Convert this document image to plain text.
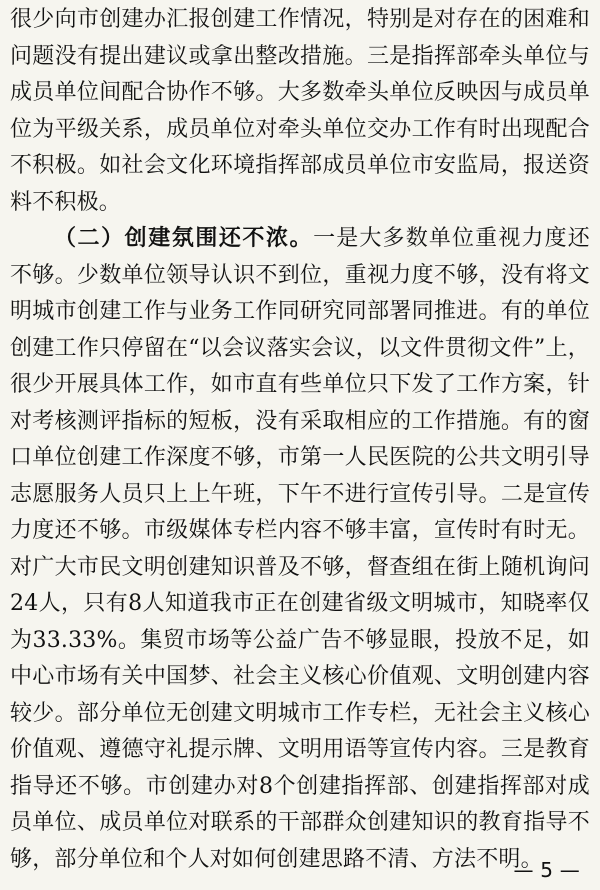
很少向市创建办汇报创建工作情况，特别是对存在的困难和问题没有提出建议或拿出整改措施。三是指挥部牵头单位与成员单位间配合协作不够。大多数牵头单位反映因与成员单位为平级关系，成员单位对牵头单位交办工作有时出现配合不积极。如社会文化环境指挥部成员单位市安监局，报送资料不积极。

（二）创建氛围还不浓。一是大多数单位重视力度还不够。少数单位领导认识不到位，重视力度不够，没有将文明城市创建工作与业务工作同研究同部署同推进。有的单位创建工作只停留在“以会议落实会议，以文件贯彻文件”上，很少开展具体工作，如市直有些单位只下发了工作方案，针对考核测评指标的短板，没有采取相应的工作措施。有的窗口单位创建工作深度不够，市第一人民医院的公共文明引导志愿服务人员只上上午班，下午不进行宣传引导。二是宣传力度还不够。市级媒体专栏内容不够丰富，宣传时有时无。对广大市民文明创建知识普及不够，督查组在街上随机询问24人，只有8人知道我市正在创建省级文明城市，知晓率仅为33.33%。集贸市场等公益广告不够显眼，投放不足，如中心市场有关中国梦、社会主义核心价值观、文明创建内容较少。部分单位无创建文明城市工作专栏，无社会主义核心价值观、遵德守礼提示牌、文明用语等宣传内容。三是教育指导还不够。市创建办对8个创建指挥部、创建指挥部对成员单位、成员单位对联系的干部群众创建知识的教育指导不够，部分单位和个人对如何创建思路不清、方法不明。

— 5 —
